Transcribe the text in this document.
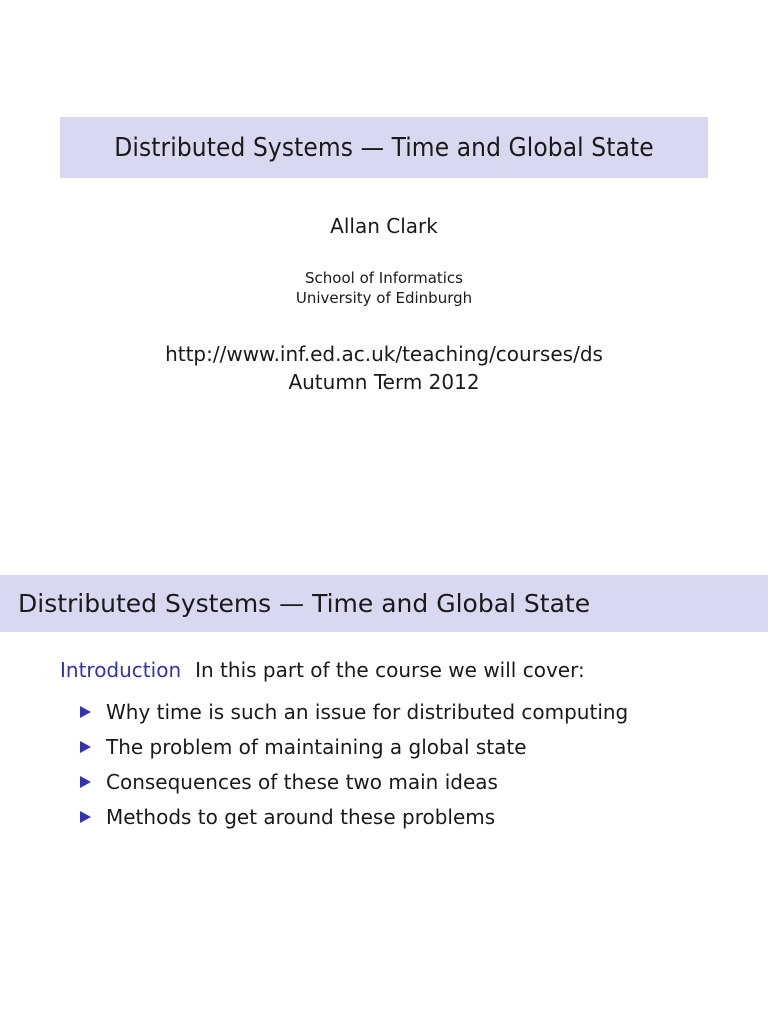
Distributed Systems — Time and Global State
Allan Clark
School of Informatics
University of Edinburgh
http://www.inf.ed.ac.uk/teaching/courses/ds
Autumn Term 2012
Distributed Systems — Time and Global State
Introduction In this part of the course we will cover:
Why time is such an issue for distributed computing
The problem of maintaining a global state
Consequences of these two main ideas
Methods to get around these problems
